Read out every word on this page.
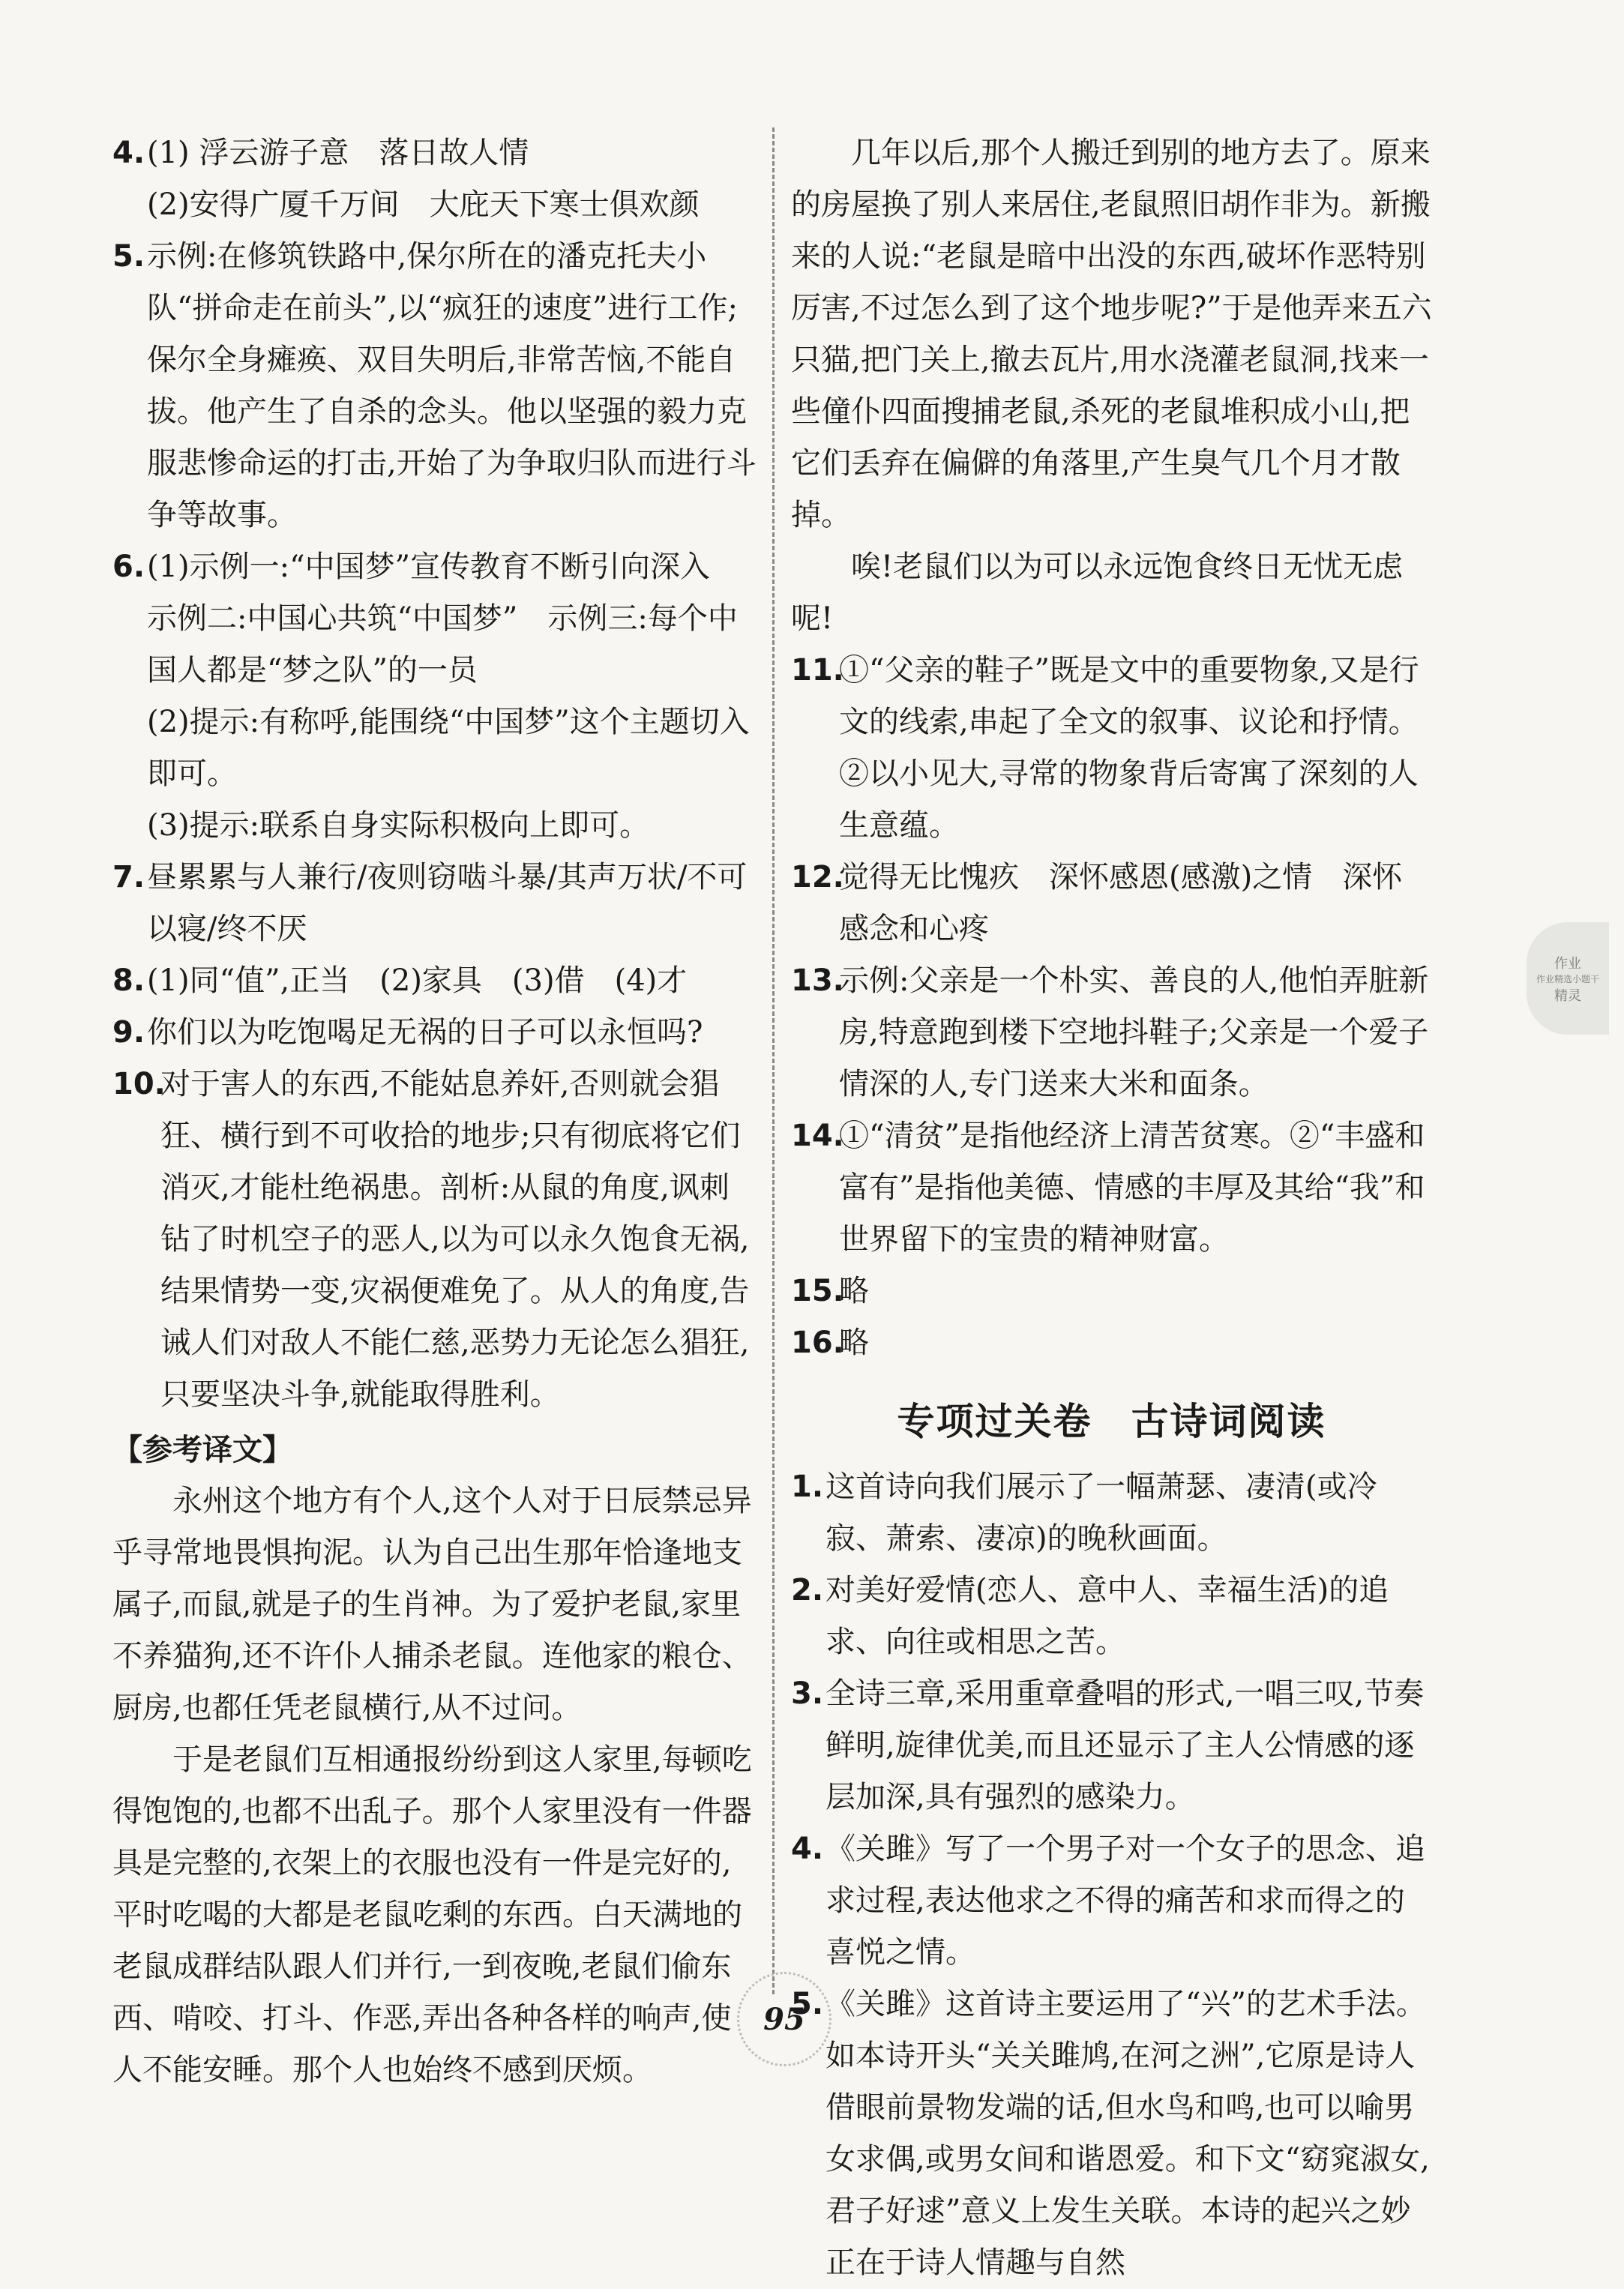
4. (1) 浮云游子意　落日故人情
(2)安得广厦千万间　大庇天下寒士俱欢颜
5. 示例:在修筑铁路中,保尔所在的潘克托夫小队“拼命走在前头”,以“疯狂的速度”进行工作;保尔全身瘫痪、双目失明后,非常苦恼,不能自拔。他产生了自杀的念头。他以坚强的毅力克服悲惨命运的打击,开始了为争取归队而进行斗争等故事。
6. (1)示例一:“中国梦”宣传教育不断引向深入　示例二:中国心共筑“中国梦”　示例三:每个中国人都是“梦之队”的一员
(2)提示:有称呼,能围绕“中国梦”这个主题切入即可。
(3)提示:联系自身实际积极向上即可。
7. 昼累累与人兼行/夜则窃啮斗暴/其声万状/不可以寝/终不厌
8. (1)同“值”,正当　(2)家具　(3)借　(4)才
9. 你们以为吃饱喝足无祸的日子可以永恒吗?
10.
对于害人的东西,不能姑息养奸,否则就会猖狂、横行到不可收拾的地步;只有彻底将它们消灭,才能杜绝祸患。剖析:从鼠的角度,讽刺钻了时机空子的恶人,以为可以永久饱食无祸,结果情势一变,灾祸便难免了。从人的角度,告诫人们对敌人不能仁慈,恶势力无论怎么猖狂,只要坚决斗争,就能取得胜利。
【参考译文】
永州这个地方有个人,这个人对于日辰禁忌异乎寻常地畏惧拘泥。认为自己出生那年恰逢地支属子,而鼠,就是子的生肖神。为了爱护老鼠,家里不养猫狗,还不许仆人捕杀老鼠。连他家的粮仓、厨房,也都任凭老鼠横行,从不过问。
于是老鼠们互相通报纷纷到这人家里,每顿吃得饱饱的,也都不出乱子。那个人家里没有一件器具是完整的,衣架上的衣服也没有一件是完好的,平时吃喝的大都是老鼠吃剩的东西。白天满地的老鼠成群结队跟人们并行,一到夜晚,老鼠们偷东西、啃咬、打斗、作恶,弄出各种各样的响声,使人不能安睡。那个人也始终不感到厌烦。
几年以后,那个人搬迁到别的地方去了。原来的房屋换了别人来居住,老鼠照旧胡作非为。新搬来的人说:“老鼠是暗中出没的东西,破坏作恶特别厉害,不过怎么到了这个地步呢?”于是他弄来五六只猫,把门关上,撤去瓦片,用水浇灌老鼠洞,找来一些僮仆四面搜捕老鼠,杀死的老鼠堆积成小山,把它们丢弃在偏僻的角落里,产生臭气几个月才散掉。
唉!老鼠们以为可以永远饱食终日无忧无虑呢!
11.
①“父亲的鞋子”既是文中的重要物象,又是行文的线索,串起了全文的叙事、议论和抒情。②以小见大,寻常的物象背后寄寓了深刻的人生意蕴。
12.
觉得无比愧疚　深怀感恩(感激)之情　深怀感念和心疼
13.
示例:父亲是一个朴实、善良的人,他怕弄脏新房,特意跑到楼下空地抖鞋子;父亲是一个爱子情深的人,专门送来大米和面条。
14.
①“清贫”是指他经济上清苦贫寒。②“丰盛和富有”是指他美德、情感的丰厚及其给“我”和世界留下的宝贵的精神财富。
15.
略
16.
略
专项过关卷　古诗词阅读
1. 这首诗向我们展示了一幅萧瑟、凄清(或冷寂、萧索、凄凉)的晚秋画面。
2. 对美好爱情(恋人、意中人、幸福生活)的追求、向往或相思之苦。
3. 全诗三章,采用重章叠唱的形式,一唱三叹,节奏鲜明,旋律优美,而且还显示了主人公情感的逐层加深,具有强烈的感染力。
4. 《关雎》写了一个男子对一个女子的思念、追求过程,表达他求之不得的痛苦和求而得之的喜悦之情。
5. 《关雎》这首诗主要运用了“兴”的艺术手法。如本诗开头“关关雎鸠,在河之洲”,它原是诗人借眼前景物发端的话,但水鸟和鸣,也可以喻男女求偶,或男女间和谐恩爱。和下文“窈窕淑女,君子好逑”意义上发生关联。本诗的起兴之妙正在于诗人情趣与自然
95
作业
作业精选小题干
精灵
